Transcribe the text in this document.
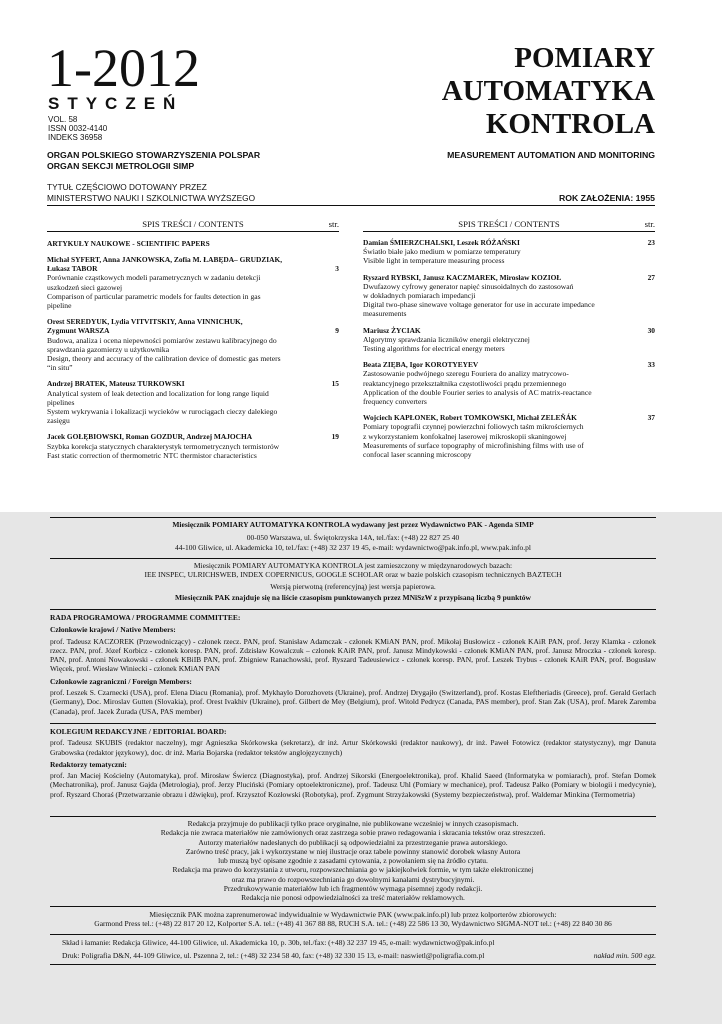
1-2012
STYCZEŃ
VOL. 58
ISSN 0032-4140
INDEKS 36958
POMIARY
AUTOMATYKA
KONTROLA
ORGAN POLSKIEGO STOWARZYSZENIA POLSPAR
ORGAN SEKCJI METROLOGII SIMP
MEASUREMENT AUTOMATION AND MONITORING
TYTUŁ CZĘŚCIOWO DOTOWANY PRZEZ
MINISTERSTWO NAUKI I SZKOLNICTWA WYŻSZEGO	ROK ZAŁOŻENIA: 1955
SPIS TREŚCI / CONTENTS	str.
ARTYKUŁY NAUKOWE - SCIENTIFIC PAPERS
Michał SYFERT, Anna JANKOWSKA, Zofia M. ŁABĘDA– GRUDZIAK,
Łukasz TABOR	3
Porównanie cząstkowych modeli parametrycznych w zadaniu detekcji
uszkodzeń sieci gazowej
Comparison of particular parametric models for faults detection in gas
pipeline
Orest SEREDYUK, Lydia VITVITSKIY, Anna VINNICHUK,
Zygmunt WARSZA	9
Budowa, analiza i ocena niepewności pomiarów zestawu kalibracyjnego do
sprawdzania gazomierzy u użytkownika
Design, theory and accuracy of the calibration device of domestic gas meters
“in situ”
Andrzej BRATEK, Mateusz TURKOWSKI	15
Analytical system of leak detection and localization for long range liquid
pipelines
System wykrywania i lokalizacji wycieków w rurociągach cieczy dalekiego
zasięgu
Jacek GOŁĘBIOWSKI, Roman GOZDUR, Andrzej MAJOCHA	19
Szybka korekcja statycznych charakterystyk termometrycznych termistorów
Fast static correction of thermometric NTC thermistor characteristics
SPIS TREŚCI / CONTENTS	str.
Damian ŚMIERZCHALSKI, Leszek RÓŻAŃSKI	23
Światło białe jako medium w pomiarze temperatury
Visible light in temperature measuring process
Ryszard RYBSKI, Janusz KACZMAREK, Mirosław KOZIOŁ	27
Dwufazowy cyfrowy generator napięć sinusoidalnych do zastosowań
w dokładnych pomiarach impedancji
Digital two-phase sinewave voltage generator for use in accurate impedance
measurements
Mariusz ŻYCIAK	30
Algorytmy sprawdzania liczników energii elektrycznej
Testing algorithms for electrical energy meters
Beata ZIĘBA, Igor KOROTYEYEV	33
Zastosowanie podwójnego szeregu Fouriera do analizy matrycowo-
reaktancyjnego przekształtnika częstotliwości prądu przemiennego
Application of the double Fourier series to analysis of AC matrix-reactance
frequency converters
Wojciech KAPŁONEK, Robert TOMKOWSKI, Michał ZELEŇÁK	37
Pomiary topografii czynnej powierzchni foliowych taśm mikrościernych
z wykorzystaniem konfokalnej laserowej mikroskopii skaningowej
Measurements of surface topography of microfinishing films with use of
confocal laser scanning microscopy
Miesięcznik POMIARY AUTOMATYKA KONTROLA wydawany jest przez Wydawnictwo PAK - Agenda SIMP
00-050 Warszawa, ul. Świętokrzyska 14A, tel./fax: (+48) 22 827 25 40
44-100 Gliwice, ul. Akademicka 10, tel./fax: (+48) 32 237 19 45, e-mail: wydawnictwo@pak.info.pl, www.pak.info.pl
Miesięcznik POMIARY AUTOMATYKA KONTROLA jest zamieszczony w międzynarodowych bazach:
IEE INSPEC, ULRICHSWEB, INDEX COPERNICUS, GOOGLE SCHOLAR oraz w bazie polskich czasopism technicznych BAZTECH
Wersją pierwotną (referencyjną) jest wersja papierowa.
Miesięcznik PAK znajduje się na liście czasopism punktowanych przez MNiSzW z przypisaną liczbą 9 punktów
RADA PROGRAMOWA / PROGRAMME COMMITTEE:
Członkowie krajowi / Native Members:
prof. Tadeusz KACZOREK (Przewodniczący) - członek rzecz. PAN, prof. Stanisław Adamczak - członek KMiAN PAN, prof. Mikołaj Busłowicz - członek KAiR PAN, prof. Jerzy Klamka - członek rzecz. PAN, prof. Józef Korbicz - członek koresp. PAN, prof. Zdzisław Kowalczuk – członek KAiR PAN, prof. Janusz Mindykowski - członek KMiAN PAN, prof. Janusz Mroczka - członek koresp. PAN, prof. Antoni Nowakowski - członek KBiIB PAN, prof. Zbigniew Ranachowski, prof. Ryszard Tadeusiewicz - członek koresp. PAN, prof. Leszek Trybus - członek KAiR PAN, prof. Bogusław Więcek, prof. Wiesław Winiecki - członek KMiAN PAN
Członkowie zagraniczni / Foreign Members:
prof. Leszek S. Czarnecki (USA), prof. Elena Diacu (Romania), prof. Mykhaylo Dorozhovets (Ukraine), prof. Andrzej Drygajło (Switzerland), prof. Kostas Eleftheriadis (Greece), prof. Gerald Gerlach (Germany), Doc. Miroslav Gutten (Slovakia), prof. Orest Ivakhiv (Ukraine), prof. Gilbert de Mey (Belgium), prof. Witold Pedrycz (Canada, PAS member), prof. Stan Zak (USA), prof. Marek Zaremba (Canada), prof. Jacek Żurada (USA, PAS member)
KOLEGIUM REDAKCYJNE / EDITORIAL BOARD:
prof. Tadeusz SKUBIS (redaktor naczelny), mgr Agnieszka Skórkowska (sekretarz), dr inż. Artur Skórkowski (redaktor naukowy), dr inż. Paweł Fotowicz (redaktor statystyczny), mgr Danuta Grabowska (redaktor językowy), doc. dr inż. Maria Bojarska (redaktor tekstów anglojęzycznych)
Redaktorzy tematyczni:
prof. Jan Maciej Kościelny (Automatyka), prof. Mirosław Świercz (Diagnostyka), prof. Andrzej Sikorski (Energoelektronika), prof. Khalid Saeed (Informatyka w pomiarach), prof. Stefan Domek (Mechatronika), prof. Janusz Gajda (Metrologia), prof. Jerzy Pluciński (Pomiary optoelektroniczne), prof. Tadeusz Uhl (Pomiary w mechanice), prof. Tadeusz Pałko (Pomiary w biologii i medycynie), prof. Ryszard Choraś (Przetwarzanie obrazu i dźwięku), prof. Krzysztof Kozłowski (Robotyka), prof. Zygmunt Strzyżakowski (Systemy bezpieczeństwa), prof. Waldemar Minkina (Termometria)
Redakcja przyjmuje do publikacji tylko prace oryginalne, nie publikowane wcześniej w innych czasopismach.
Redakcja nie zwraca materiałów nie zamówionych oraz zastrzega sobie prawo redagowania i skracania tekstów oraz streszczeń.
Autorzy materiałów nadesłanych do publikacji są odpowiedzialni za przestrzeganie prawa autorskiego.
Zarówno treść pracy, jak i wykorzystane w niej ilustracje oraz tabele powinny stanowić dorobek własny Autora
lub muszą być opisane zgodnie z zasadami cytowania, z powołaniem się na źródło cytatu.
Redakcja ma prawo do korzystania z utworu, rozpowszechniania go w jakiejkolwiek formie, w tym także elektronicznej
oraz ma prawo do rozpowszechniania go dowolnymi kanałami dystrybucyjnymi.
Przedrukowywanie materiałów lub ich fragmentów wymaga pisemnej zgody redakcji.
Redakcja nie ponosi odpowiedzialności za treść materiałów reklamowych.
Miesięcznik PAK można zaprenumerować indywidualnie w Wydawnictwie PAK (www.pak.info.pl) lub przez kolporterów zbiorowych:
Garmond Press tel.: (+48) 22 817 20 12, Kolporter S.A. tel.: (+48) 41 367 88 88, RUCH S.A. tel.: (+48) 22 586 13 30, Wydawnictwo SIGMA-NOT tel.: (+48) 22 840 30 86
Skład i łamanie: Redakcja Gliwice, 44-100 Gliwice, ul. Akademicka 10, p. 30b, tel./fax: (+48) 32 237 19 45, e-mail: wydawnictwo@pak.info.pl
Druk: Poligrafia D&N, 44-109 Gliwice, ul. Pszenna 2, tel.: (+48) 32 234 58 40, fax: (+48) 32 330 15 13, e-mail: naswietl@poligrafia.com.pl	nakład min. 500 egz.
